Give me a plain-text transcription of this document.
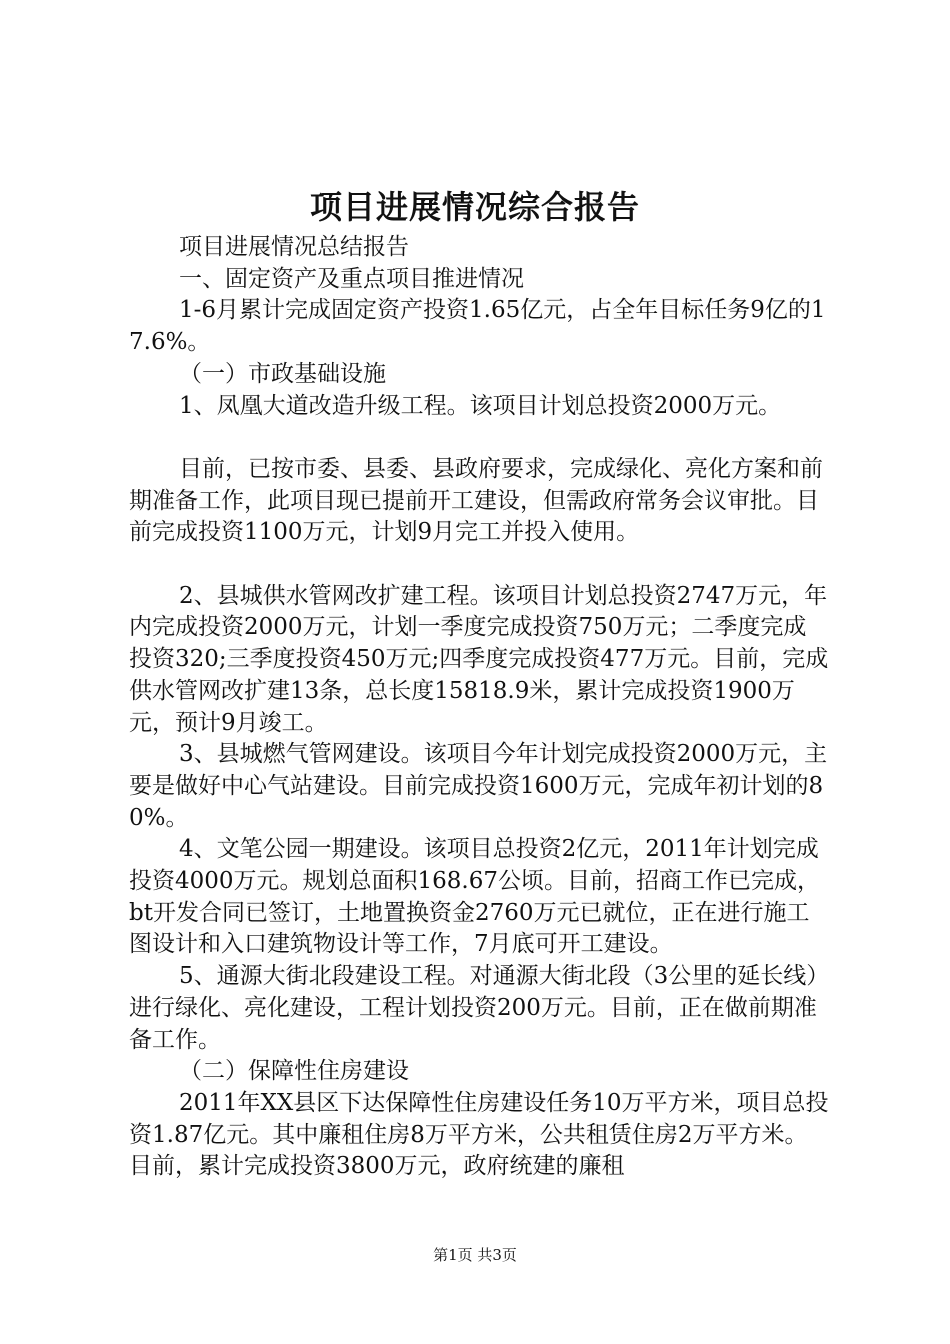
项目进展情况综合报告

项目进展情况总结报告

一、固定资产及重点项目推进情况

1-6月累计完成固定资产投资1.65亿元，占全年目标任务9亿的17.6%。

（一）市政基础设施

1、凤凰大道改造升级工程。该项目计划总投资2000万元。

目前，已按市委、县委、县政府要求，完成绿化、亮化方案和前期准备工作，此项目现已提前开工建设，但需政府常务会议审批。目前完成投资1100万元，计划9月完工并投入使用。

2、县城供水管网改扩建工程。该项目计划总投资2747万元，年内完成投资2000万元，计划一季度完成投资750万元；二季度完成投资320;三季度投资450万元;四季度完成投资477万元。目前，完成供水管网改扩建13条，总长度15818.9米，累计完成投资1900万元，预计9月竣工。

3、县城燃气管网建设。该项目今年计划完成投资2000万元，主要是做好中心气站建设。目前完成投资1600万元，完成年初计划的80%。

4、文笔公园一期建设。该项目总投资2亿元，2011年计划完成投资4000万元。规划总面积168.67公顷。目前，招商工作已完成，bt开发合同已签订，土地置换资金2760万元已就位，正在进行施工图设计和入口建筑物设计等工作，7月底可开工建设。

5、通源大街北段建设工程。对通源大街北段（3公里的延长线）进行绿化、亮化建设，工程计划投资200万元。目前，正在做前期准备工作。

（二）保障性住房建设

2011年XX县区下达保障性住房建设任务10万平方米，项目总投资1.87亿元。其中廉租住房8万平方米，公共租赁住房2万平方米。目前，累计完成投资3800万元，政府统建的廉租

第1页 共3页
